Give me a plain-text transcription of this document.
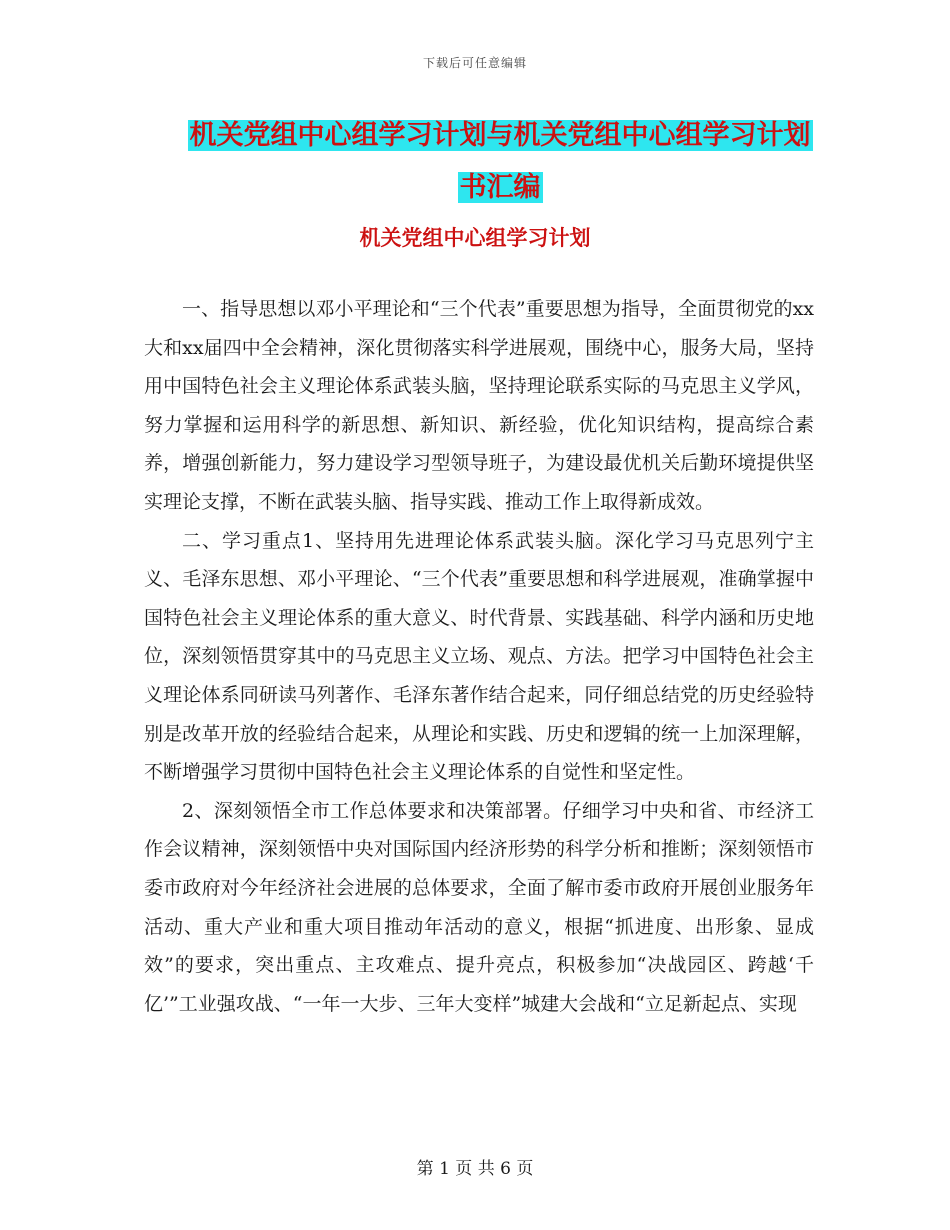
下载后可任意编辑
机关党组中心组学习计划与机关党组中心组学习计划
书汇编
机关党组中心组学习计划

一、指导思想以邓小平理论和“三个代表”重要思想为指导，全面贯彻党的xx大和xx届四中全会精神，深化贯彻落实科学进展观，围绕中心，服务大局，坚持用中国特色社会主义理论体系武装头脑，坚持理论联系实际的马克思主义学风，努力掌握和运用科学的新思想、新知识、新经验，优化知识结构，提高综合素养，增强创新能力，努力建设学习型领导班子，为建设最优机关后勤环境提供坚实理论支撑，不断在武装头脑、指导实践、推动工作上取得新成效。

二、学习重点1、坚持用先进理论体系武装头脑。深化学习马克思列宁主义、毛泽东思想、邓小平理论、“三个代表”重要思想和科学进展观，准确掌握中国特色社会主义理论体系的重大意义、时代背景、实践基础、科学内涵和历史地位，深刻领悟贯穿其中的马克思主义立场、观点、方法。把学习中国特色社会主义理论体系同研读马列著作、毛泽东著作结合起来，同仔细总结党的历史经验特别是改革开放的经验结合起来，从理论和实践、历史和逻辑的统一上加深理解，不断增强学习贯彻中国特色社会主义理论体系的自觉性和坚定性。

2、深刻领悟全市工作总体要求和决策部署。仔细学习中央和省、市经济工作会议精神，深刻领悟中央对国际国内经济形势的科学分析和推断；深刻领悟市委市政府对今年经济社会进展的总体要求，全面了解市委市政府开展创业服务年活动、重大产业和重大项目推动年活动的意义，根据“抓进度、出形象、显成效”的要求，突出重点、主攻难点、提升亮点，积极参加“决战园区、跨越‘千亿’”工业强攻战、“一年一大步、三年大变样”城建大会战和“立足新起点、实现

第 1 页 共 6 页
